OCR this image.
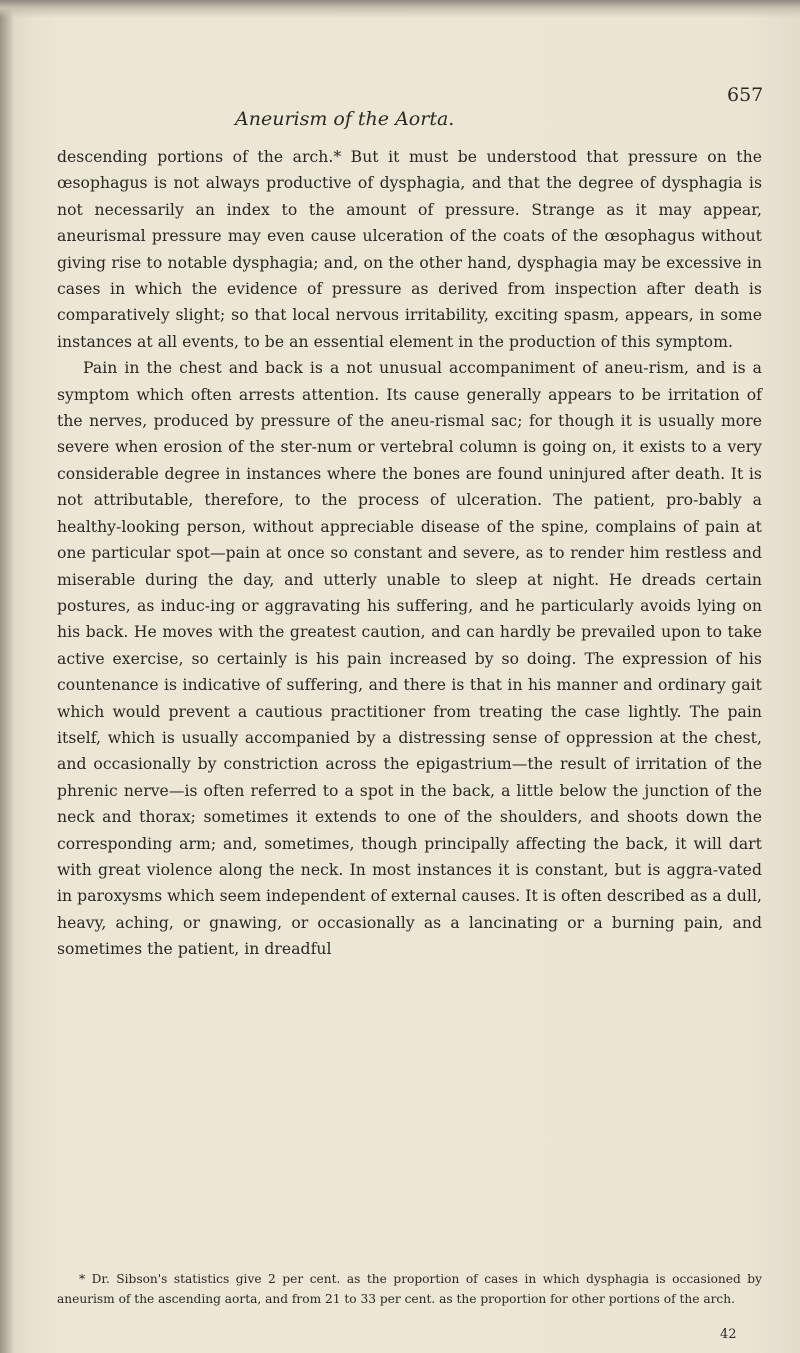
Aneurism of the Aorta.
657

descending portions of the arch.* But it must be understood that pressure on the œsophagus is not always productive of dysphagia, and that the degree of dysphagia is not necessarily an index to the amount of pressure. Strange as it may appear, aneurismal pressure may even cause ulceration of the coats of the œsophagus without giving rise to notable dysphagia; and, on the other hand, dysphagia may be excessive in cases in which the evidence of pressure as derived from inspection after death is comparatively slight; so that local nervous irritability, exciting spasm, appears, in some instances at all events, to be an essential element in the production of this symptom.

Pain in the chest and back is a not unusual accompaniment of aneu-rism, and is a symptom which often arrests attention. Its cause generally appears to be irritation of the nerves, produced by pressure of the aneu-rismal sac; for though it is usually more severe when erosion of the ster-num or vertebral column is going on, it exists to a very considerable degree in instances where the bones are found uninjured after death. It is not attributable, therefore, to the process of ulceration. The patient, pro-bably a healthy-looking person, without appreciable disease of the spine, complains of pain at one particular spot—pain at once so constant and severe, as to render him restless and miserable during the day, and utterly unable to sleep at night. He dreads certain postures, as induc-ing or aggravating his suffering, and he particularly avoids lying on his back. He moves with the greatest caution, and can hardly be prevailed upon to take active exercise, so certainly is his pain increased by so doing. The expression of his countenance is indicative of suffering, and there is that in his manner and ordinary gait which would prevent a cautious practitioner from treating the case lightly. The pain itself, which is usually accompanied by a distressing sense of oppression at the chest, and occasionally by constriction across the epigastrium—the result of irritation of the phrenic nerve—is often referred to a spot in the back, a little below the junction of the neck and thorax; sometimes it extends to one of the shoulders, and shoots down the corresponding arm; and, sometimes, though principally affecting the back, it will dart with great violence along the neck. In most instances it is constant, but is aggra-vated in paroxysms which seem independent of external causes. It is often described as a dull, heavy, aching, or gnawing, or occasionally as a lancinating or a burning pain, and sometimes the patient, in dreadful

* Dr. Sibson's statistics give 2 per cent. as the proportion of cases in which dysphagia is occasioned by aneurism of the ascending aorta, and from 21 to 33 per cent. as the proportion for other portions of the arch.
42
